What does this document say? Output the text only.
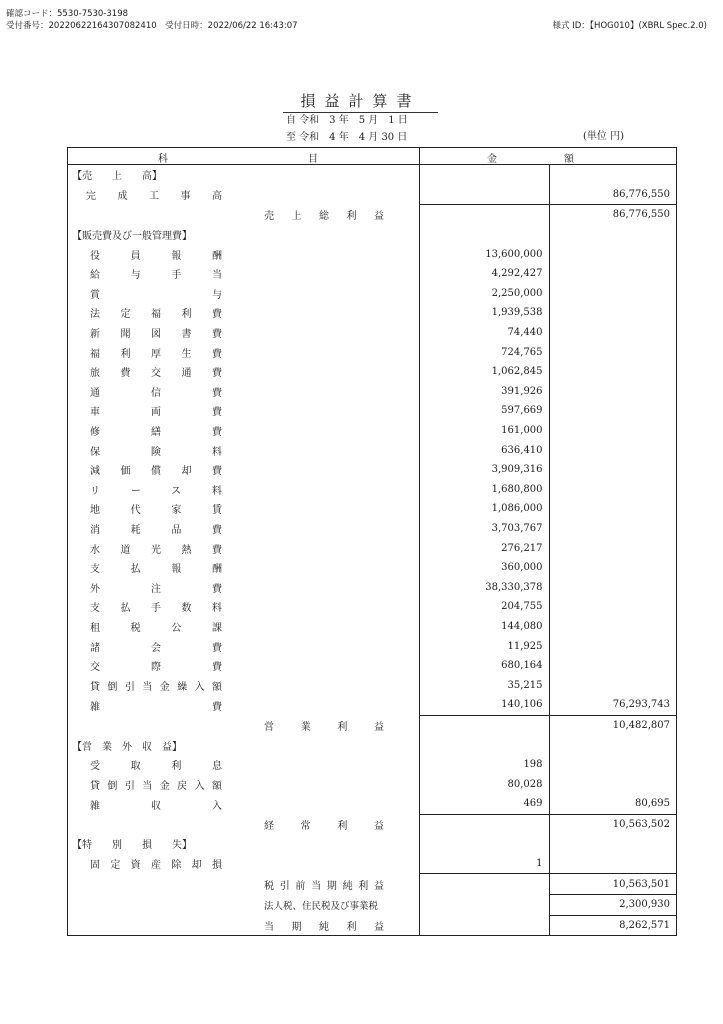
確認コード：5530-7530-3198
受付番号：20220622164307082410　受付日時：2022/06/22 16:43:07	様式 ID：【HOG010】(XBRL Spec.2.0)
損益計算書
自 令和　3 年　5 月　1 日
至 令和　4 年　4 月 30 日	(単位 円)
科 目	金 額	

【売　　上　　高】		

完成工事高		86,776,550

売上総利益		86,776,550
【販売費及び一般管理費】		

役員報酬	13,600,000	

給与手当	4,292,427	

賞与	2,250,000	

法定福利費	1,939,538	

新聞図書費	74,440	

福利厚生費	724,765	

旅費交通費	1,062,845	

通信費	391,926	

車両費	597,669	

修繕費	161,000	

保険料	636,410	

減価償却費	3,909,316	

リース料	1,680,800	

地代家賃	1,086,000	

消耗品費	3,703,767	

水道光熱費	276,217	

支払報酬	360,000	

外注費	38,330,378	

支払手数料	204,755	

租税公課	144,080	

諸会費	11,925	

交際費	680,164	

貸倒引当金繰入額	35,215	

雑費	140,106	76,293,743

営業利益		10,482,807
【営　業　外　収　益】		

受取利息	198	

貸倒引当金戻入額	80,028	

雑収入	469	80,695

経常利益		10,563,502
【特　　別　　損　　失】		

固定資産除却損	1	

税引前当期純利益		10,563,501

法人税、住民税及び事業税		2,300,930

当期純利益		8,262,571
